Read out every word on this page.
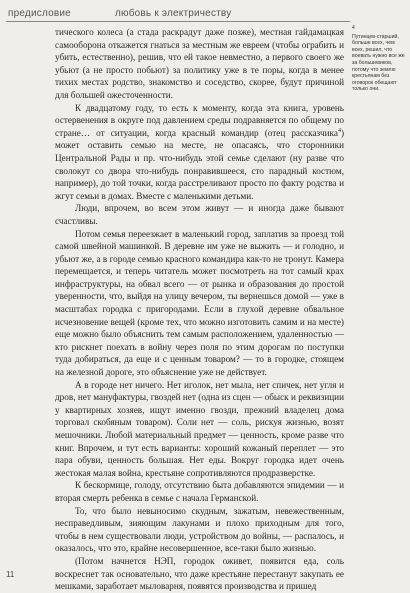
предисловие	любовь к электричеству
4
Путинцев-старший, больше всех, чем всех, решил, что воевать нужно все же за большевиков, потому что землю крестьянам без оговорок обещают только они.

тического колеса (а стада раскрадут даже позже), местная гайдамацкая самооборона откажется гнаться за местным же евреем (чтобы ограбить и убить, естественно), решив, что ей такое невместно, а первого своего же убьют (а не просто побьют) за политику уже в те поры, когда в менее тихих местах родство, знакомство и соседство, скорее, будут причиной для большей ожесточенности.

К двадцатому году, то есть к моменту, когда эта книга, уровень остервенения в округе под давлением среды подравняется по общему по стране… от ситуации, когда красный командир (отец рассказчика$^4$) может оставить семью на месте, не опасаясь, что сторонники Центральной Рады и пр. что-нибудь этой семье сделают (ну разве что сволокут со двора что-нибудь понравившееся, сто парадный костюм, например), до той точки, когда расстреливают просто по факту родства и жгут семьи в домах. Вместе с маленькими детьми.

Люди, впрочем, во всем этом живут — и иногда даже бывают счастливы.

Потом семья переезжает в маленький город, заплатив за проезд той самой швейной машинкой. В деревне им уже не выжить — и голодно, и убьют же, а в городе семью красного командира как-то не тронут. Камера перемещается, и теперь читатель может посмотреть на тот самый крах инфраструктуры, на обвал всего — от рынка и образования до простой уверенности, что, выйдя на улицу вечером, ты вернешься домой — уже в масштабах городка с пригородами. Если в глухой деревне обвальное исчезновение вещей (кроме тех, что можно изготовить самим и на месте) еще можно было объяснить тем самым расположением, удаленностью — кто рискнет поехать в войну через поля по этим дорогам по поступки туда добираться, да еще и с ценным товаром? — то в городке, стоящем на железной дороге, это объяснение уже не действует.

А в городе нет ничего. Нет иголок, нет мыла, нет спичек, нет угля и дров, нет мануфактуры, гвоздей нет (одна из сцен — обыск и реквизиции у квартирных хозяев, ищут именно гвозди, прежний владелец дома торговал скобяным товаром). Соли нет — соль, рискуя жизнью, возят мешочники. Любой материальный предмет — ценность, кроме разве что книг. Впрочем, и тут есть варианты: хороший кожаный переплет — это пара обуви, ценность большая. Нет еды. Вокруг городка идет очень жестокая малая война, крестьяне сопротивляются продразверстке.

К бескормице, голоду, отсутствию быта добавляются эпидемии — и вторая смерть ребенка в семье с начала Германской.

То, что было невыносимо скудным, зажатым, невежественным, несправедливым, зияющим лакунами и плохо приходным для того, чтобы в нем существовали люди, устройством до войны, — распалось, и оказалось, что это, крайне несовершенное, все-таки было жизнью.

(Потом начнется НЭП, городок оживет, появится еда, соль воскреснет так основательно, что даже крестьяне перестанут закупать ее мешками, заработает мыловарня, появятся производства и пришед

11
